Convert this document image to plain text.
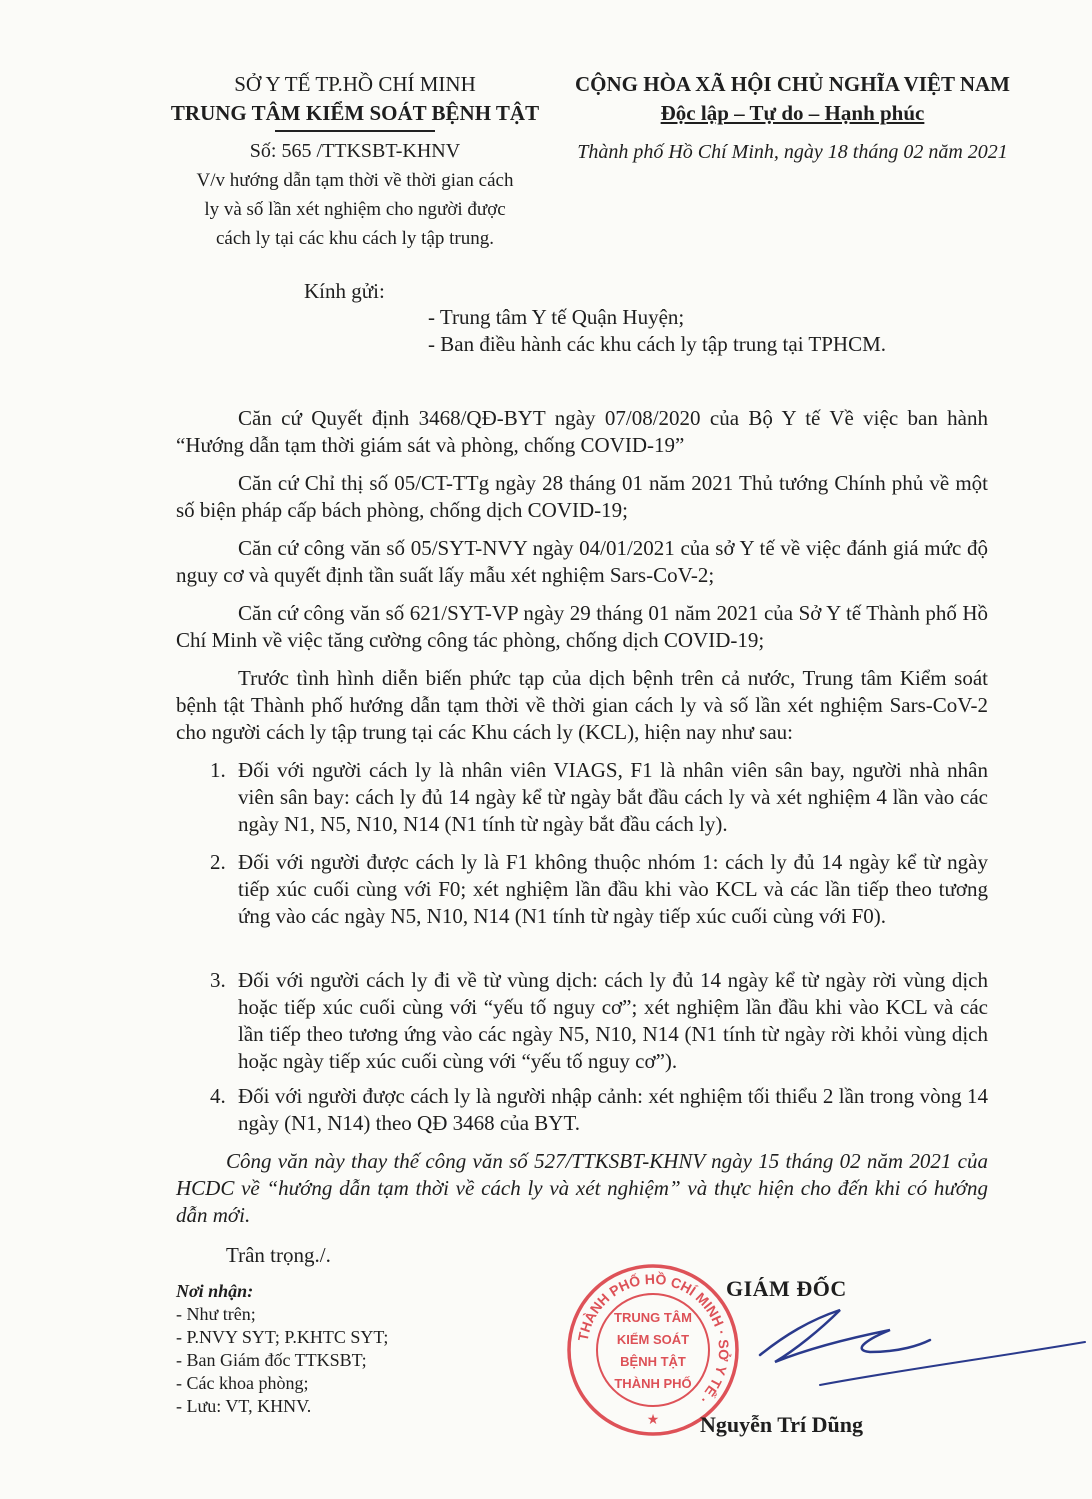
SỞ Y TẾ TP.HỒ CHÍ MINH
TRUNG TÂM KIỂM SOÁT BỆNH TẬT
Số: 565 /TTKSBT-KHNV
V/v hướng dẫn tạm thời về thời gian cách
ly và số lần xét nghiệm cho người được
cách ly tại các khu cách ly tập trung.
CỘNG HÒA XÃ HỘI CHỦ NGHĨA VIỆT NAM
Độc lập – Tự do – Hạnh phúc
Thành phố Hồ Chí Minh, ngày 18 tháng 02 năm 2021
Kính gửi:
- Trung tâm Y tế Quận Huyện;
- Ban điều hành các khu cách ly tập trung tại TPHCM.
Căn cứ Quyết định 3468/QĐ-BYT ngày 07/08/2020 của Bộ Y tế Về việc ban hành “Hướng dẫn tạm thời giám sát và phòng, chống COVID-19”
Căn cứ Chỉ thị số 05/CT-TTg ngày 28 tháng 01 năm 2021 Thủ tướng Chính phủ về một số biện pháp cấp bách phòng, chống dịch COVID-19;
Căn cứ công văn số 05/SYT-NVY ngày 04/01/2021 của sở Y tế về việc đánh giá mức độ nguy cơ và quyết định tần suất lấy mẫu xét nghiệm Sars-CoV-2;
Căn cứ công văn số 621/SYT-VP ngày 29 tháng 01 năm 2021 của Sở Y tế Thành phố Hồ Chí Minh về việc tăng cường công tác phòng, chống dịch COVID-19;
Trước tình hình diễn biến phức tạp của dịch bệnh trên cả nước, Trung tâm Kiểm soát bệnh tật Thành phố hướng dẫn tạm thời về thời gian cách ly và số lần xét nghiệm Sars-CoV-2 cho người cách ly tập trung tại các Khu cách ly (KCL), hiện nay như sau:
1. Đối với người cách ly là nhân viên VIAGS, F1 là nhân viên sân bay, người nhà nhân viên sân bay: cách ly đủ 14 ngày kể từ ngày bắt đầu cách ly và xét nghiệm 4 lần vào các ngày N1, N5, N10, N14 (N1 tính từ ngày bắt đầu cách ly).
2. Đối với người được cách ly là F1 không thuộc nhóm 1: cách ly đủ 14 ngày kể từ ngày tiếp xúc cuối cùng với F0; xét nghiệm lần đầu khi vào KCL và các lần tiếp theo tương ứng vào các ngày N5, N10, N14 (N1 tính từ ngày tiếp xúc cuối cùng với F0).
3. Đối với người cách ly đi về từ vùng dịch: cách ly đủ 14 ngày kể từ ngày rời vùng dịch hoặc tiếp xúc cuối cùng với “yếu tố nguy cơ”; xét nghiệm lần đầu khi vào KCL và các lần tiếp theo tương ứng vào các ngày N5, N10, N14 (N1 tính từ ngày rời khỏi vùng dịch hoặc ngày tiếp xúc cuối cùng với “yếu tố nguy cơ”).
4. Đối với người được cách ly là người nhập cảnh: xét nghiệm tối thiểu 2 lần trong vòng 14 ngày (N1, N14) theo QĐ 3468 của BYT.
Công văn này thay thế công văn số 527/TTKSBT-KHNV ngày 15 tháng 02 năm 2021 của HCDC về “hướng dẫn tạm thời về cách ly và xét nghiệm” và thực hiện cho đến khi có hướng dẫn mới.
Trân trọng./.
Nơi nhận:
- Như trên;
- P.NVY SYT; P.KHTC SYT;
- Ban Giám đốc TTKSBT;
- Các khoa phòng;
- Lưu: VT, KHNV.
THÀNH PHỐ HỒ CHÍ MINH · SỞ Y TẾ ·
TRUNG TÂM
KIỂM SOÁT
BỆNH TẬT
THÀNH PHỐ
★
GIÁM ĐỐC
Nguyễn Trí Dũng
